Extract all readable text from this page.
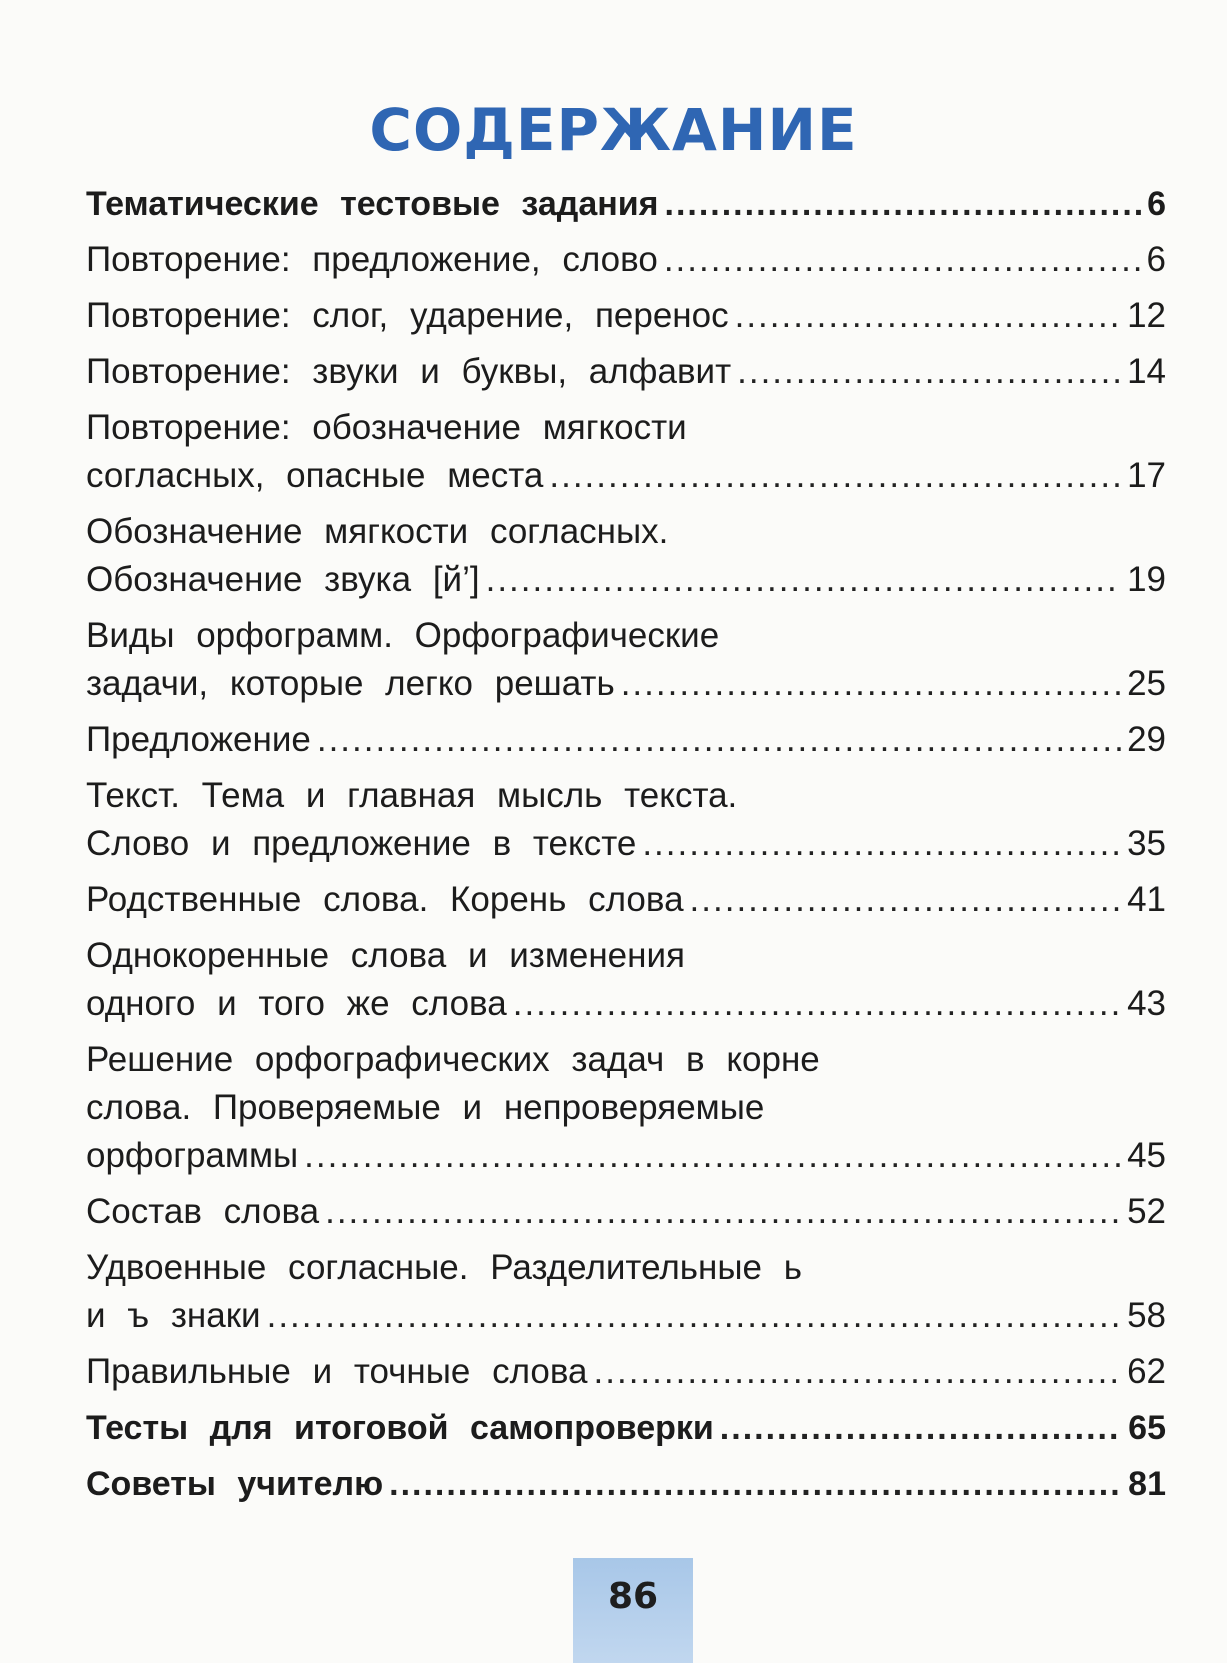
СОДЕРЖАНИЕ
Тематические тестовые задания .....	6
Повторение: предложение, слово .....	6
Повторение: слог, ударение, перенос .....	12
Повторение: звуки и буквы, алфавит .....	14
Повторение: обозначение мягкости
согласных, опасные места .....	17
Обозначение мягкости согласных.
Обозначение звука [й’] .....	19
Виды орфограмм. Орфографические
задачи, которые легко решать .....	25
Предложение .....	29
Текст. Тема и главная мысль текста.
Слово и предложение в тексте .....	35
Родственные слова. Корень слова .....	41
Однокоренные слова и изменения
одного и того же слова .....	43
Решение орфографических задач в корне
слова. Проверяемые и непроверяемые
орфограммы .....	45
Состав слова .....	52
Удвоенные согласные. Разделительные ь
и ъ знаки .....	58
Правильные и точные слова .....	62
Тесты для итоговой самопроверки .....	65
Советы учителю .....	81
86
